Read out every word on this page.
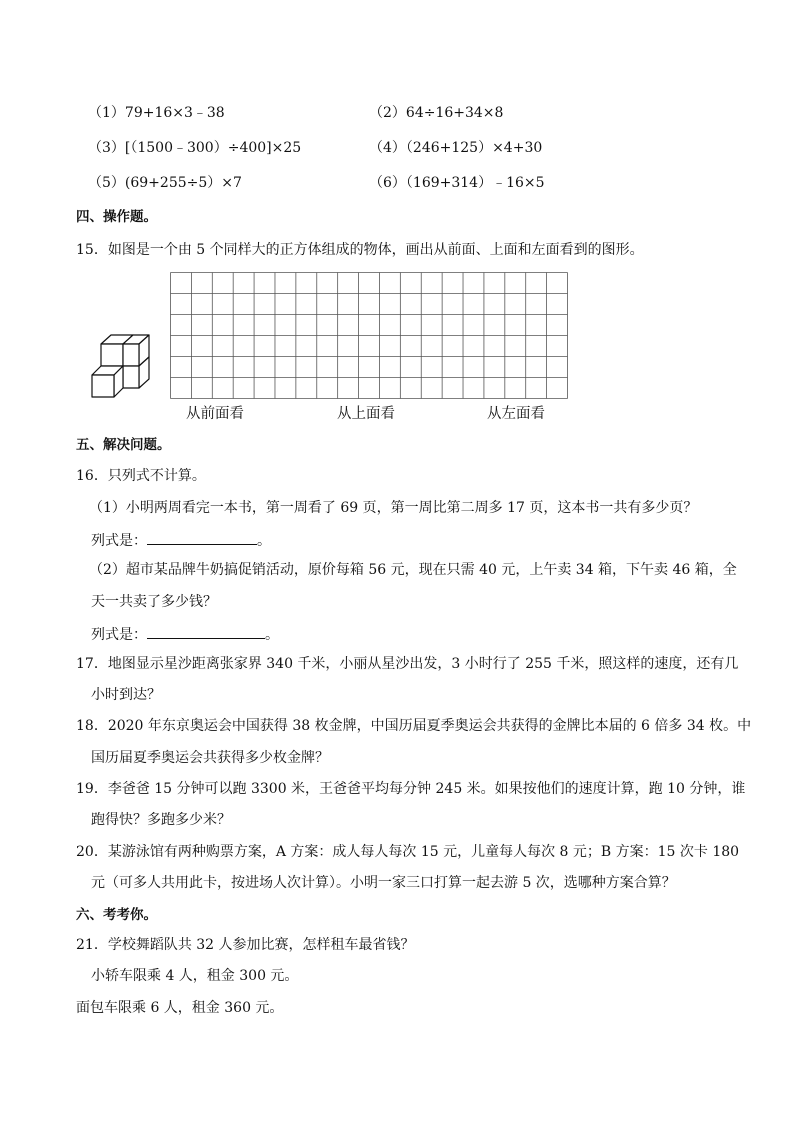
（1）79+16×3﹣38	（2）64÷16+34×8
（3）[（1500﹣300）÷400]×25	（4）（246+125）×4+30
（5）(69+255÷5）×7	（6）（169+314）﹣16×5
四、操作题。
15．如图是一个由 5 个同样大的正方体组成的物体，画出从前面、上面和左面看到的图形。
从前面看	从上面看	从左面看
五、解决问题。
16．只列式不计算。
（1）小明两周看完一本书，第一周看了 69 页，第一周比第二周多 17 页，这本书一共有多少页？
列式是：	。
（2）超市某品牌牛奶搞促销活动，原价每箱 56 元，现在只需 40 元，上午卖 34 箱，下午卖 46 箱，全
天一共卖了多少钱？
列式是：	。
17．地图显示星沙距离张家界 340 千米，小丽从星沙出发，3 小时行了 255 千米，照这样的速度，还有几
小时到达？
18．2020 年东京奥运会中国获得 38 枚金牌，中国历届夏季奥运会共获得的金牌比本届的 6 倍多 34 枚。中
国历届夏季奥运会共获得多少枚金牌？
19．李爸爸 15 分钟可以跑 3300 米，王爸爸平均每分钟 245 米。如果按他们的速度计算，跑 10 分钟，谁
跑得快？多跑多少米？
20．某游泳馆有两种购票方案，A 方案：成人每人每次 15 元，儿童每人每次 8 元；B 方案：15 次卡 180
元（可多人共用此卡，按进场人次计算）。小明一家三口打算一起去游 5 次，选哪种方案合算？
六、考考你。
21．学校舞蹈队共 32 人参加比赛，怎样租车最省钱？
小轿车限乘 4 人，租金 300 元。
面包车限乘 6 人，租金 360 元。
